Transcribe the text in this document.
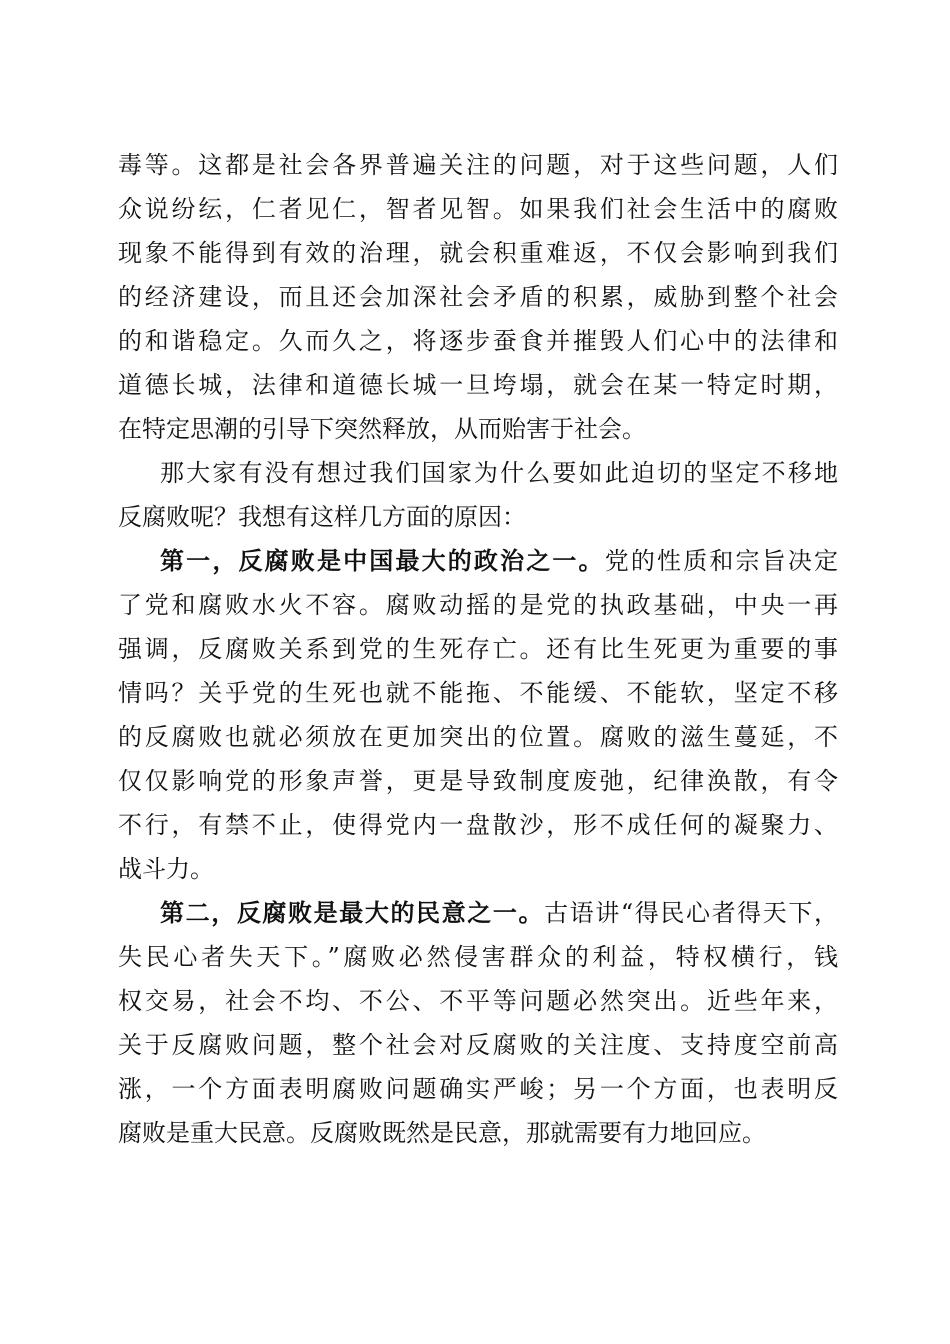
毒等。这都是社会各界普遍关注的问题，对于这些问题，人们
众说纷纭，仁者见仁，智者见智。如果我们社会生活中的腐败
现象不能得到有效的治理，就会积重难返，不仅会影响到我们
的经济建设，而且还会加深社会矛盾的积累，威胁到整个社会
的和谐稳定。久而久之，将逐步蚕食并摧毁人们心中的法律和
道德长城，法律和道德长城一旦垮塌，就会在某一特定时期，
在特定思潮的引导下突然释放，从而贻害于社会。
那大家有没有想过我们国家为什么要如此迫切的坚定不移地
反腐败呢？我想有这样几方面的原因：
第一，反腐败是中国最大的政治之一。党的性质和宗旨决定
了党和腐败水火不容。腐败动摇的是党的执政基础，中央一再
强调，反腐败关系到党的生死存亡。还有比生死更为重要的事
情吗？关乎党的生死也就不能拖、不能缓、不能软，坚定不移
的反腐败也就必须放在更加突出的位置。腐败的滋生蔓延，不
仅仅影响党的形象声誉，更是导致制度废弛，纪律涣散，有令
不行，有禁不止，使得党内一盘散沙，形不成任何的凝聚力、
战斗力。
第二，反腐败是最大的民意之一。古语讲“得民心者得天下，
失民心者失天下。”腐败必然侵害群众的利益，特权横行，钱
权交易，社会不均、不公、不平等问题必然突出。近些年来，
关于反腐败问题，整个社会对反腐败的关注度、支持度空前高
涨，一个方面表明腐败问题确实严峻；另一个方面，也表明反
腐败是重大民意。反腐败既然是民意，那就需要有力地回应。
